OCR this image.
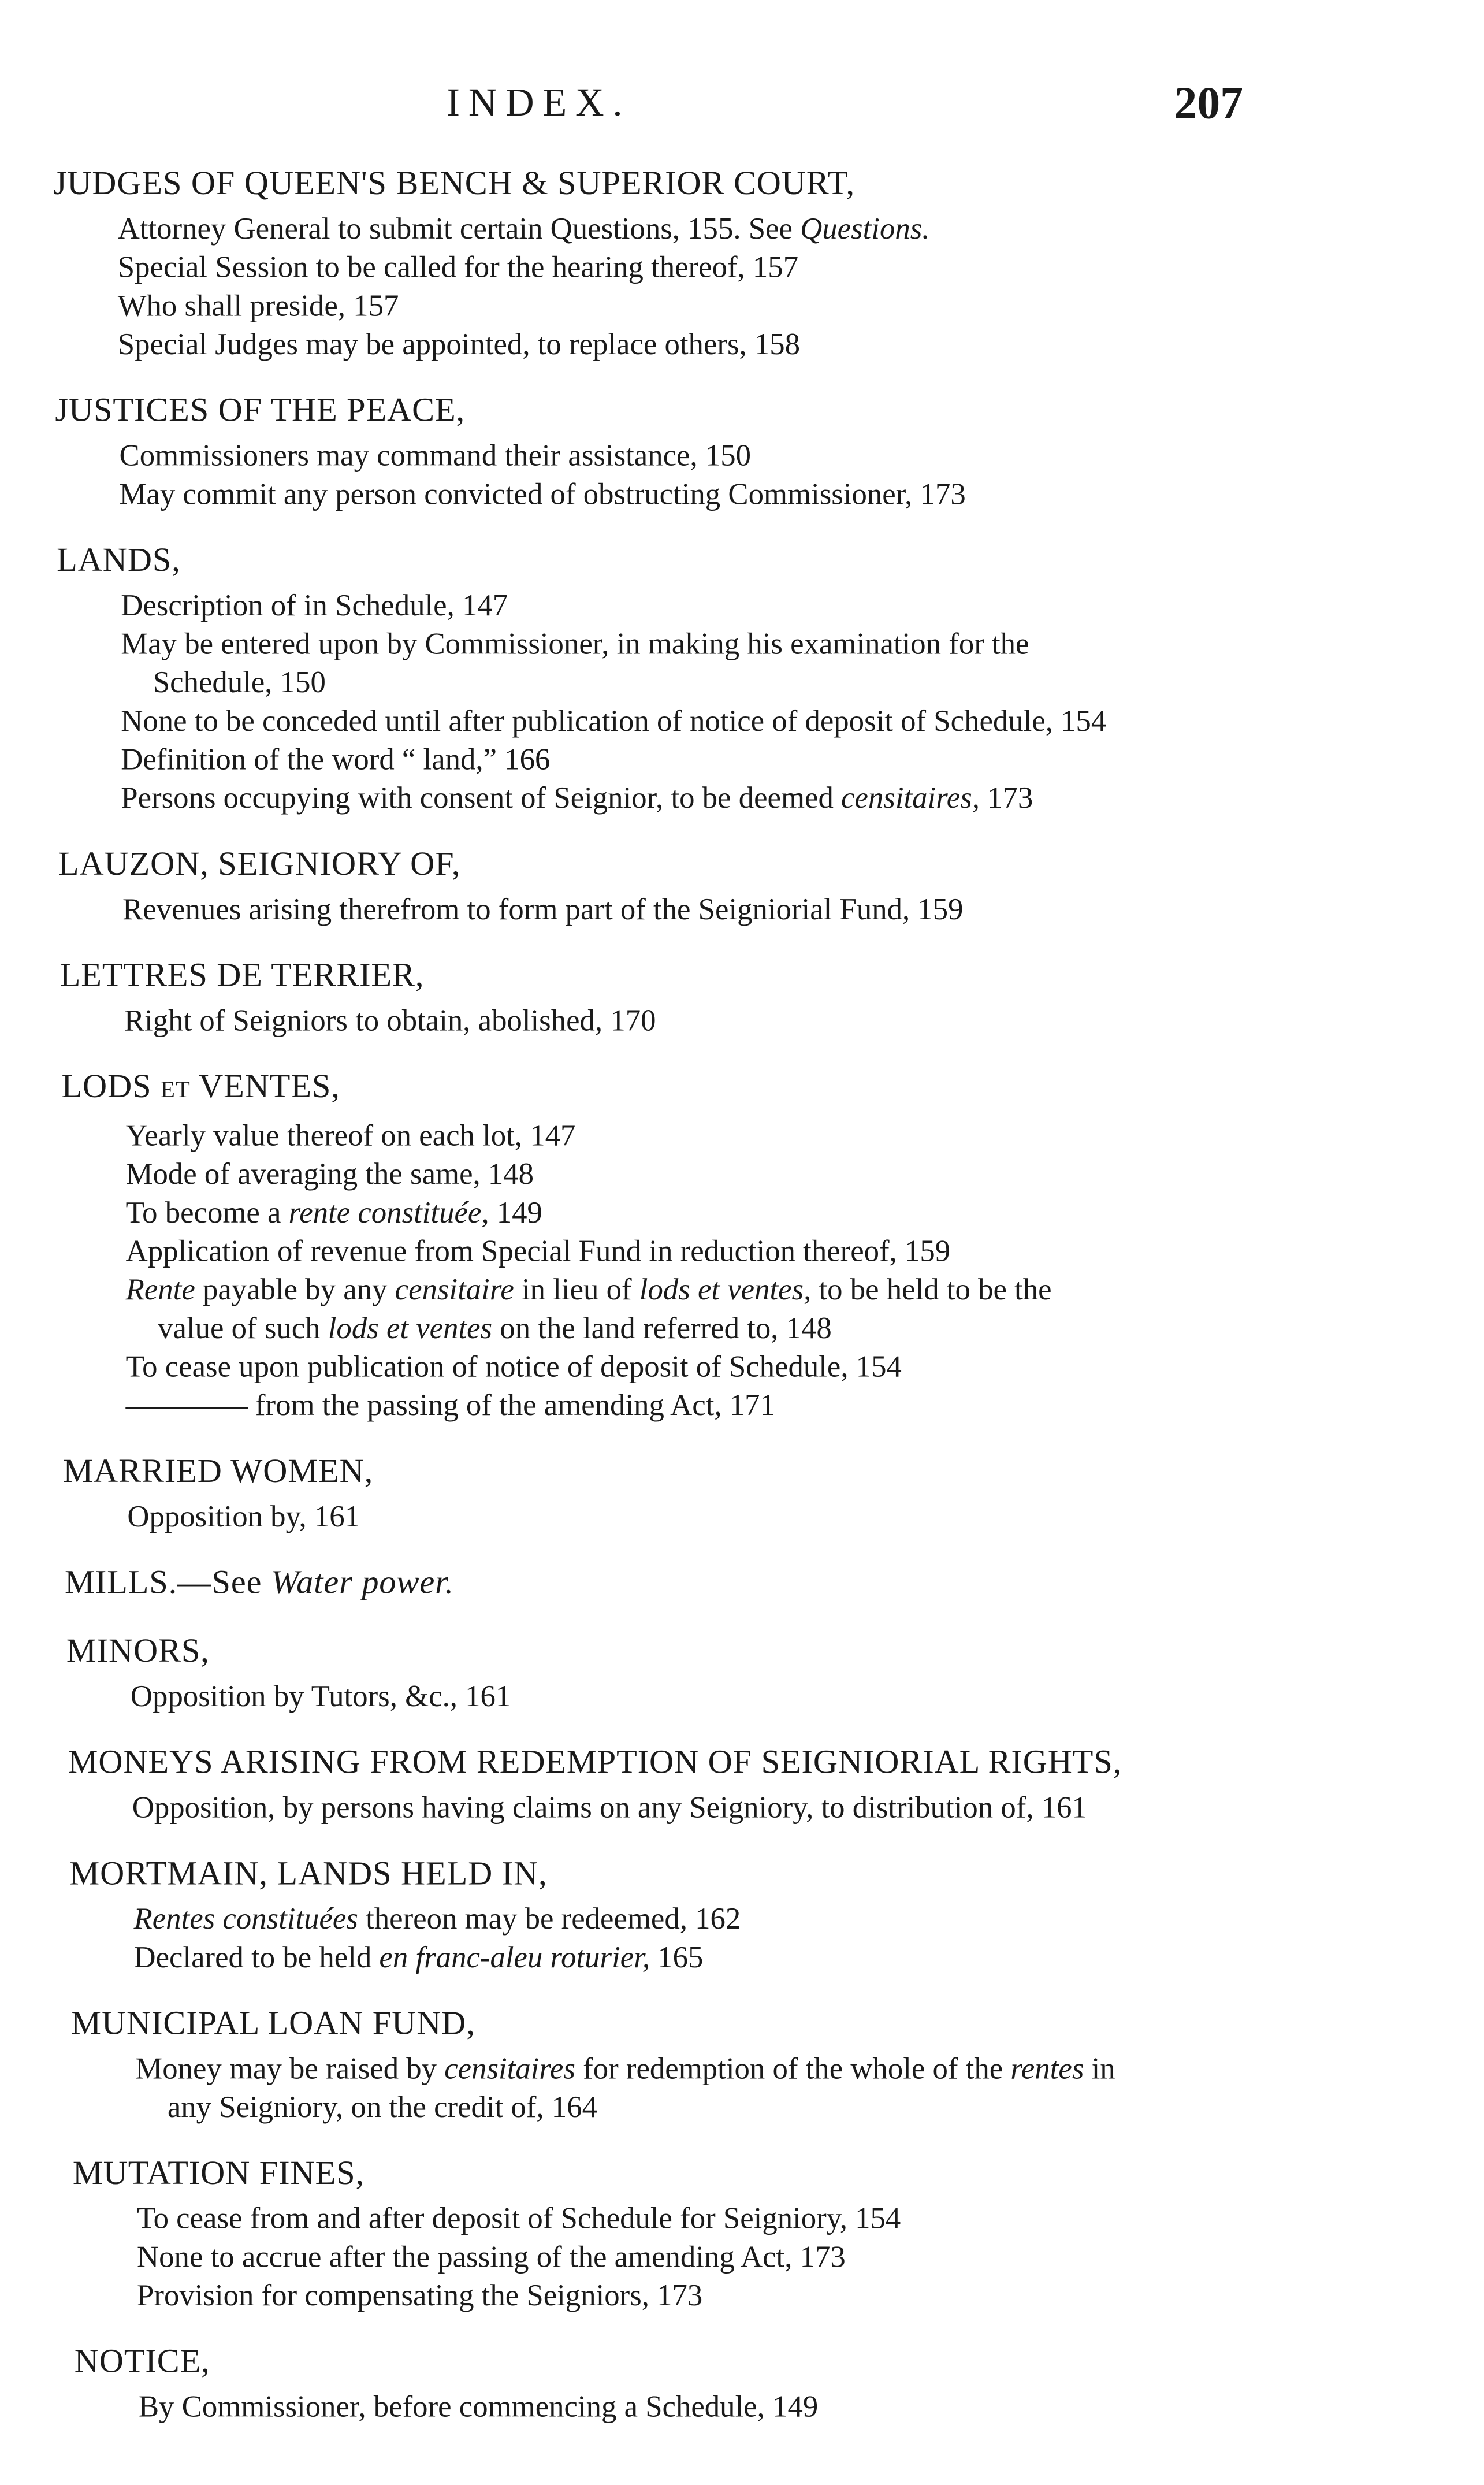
INDEX.	207
JUDGES OF QUEEN'S BENCH & SUPERIOR COURT,
Attorney General to submit certain Questions, 155. See Questions.
Special Session to be called for the hearing thereof, 157
Who shall preside, 157
Special Judges may be appointed, to replace others, 158
JUSTICES OF THE PEACE,
Commissioners may command their assistance, 150
May commit any person convicted of obstructing Commissioner, 173
LANDS,
Description of in Schedule, 147
May be entered upon by Commissioner, in making his examination for the Schedule, 150
None to be conceded until after publication of notice of deposit of Schedule, 154
Definition of the word “ land,” 166
Persons occupying with consent of Seignior, to be deemed censitaires, 173
LAUZON, SEIGNIORY OF,
Revenues arising therefrom to form part of the Seigniorial Fund, 159
LETTRES DE TERRIER,
Right of Seigniors to obtain, abolished, 170
LODS ET VENTES,
Yearly value thereof on each lot, 147
Mode of averaging the same, 148
To become a rente constituée, 149
Application of revenue from Special Fund in reduction thereof, 159
Rente payable by any censitaire in lieu of lods et ventes, to be held to be the value of such lods et ventes on the land referred to, 148
To cease upon publication of notice of deposit of Schedule, 154
———— from the passing of the amending Act, 171
MARRIED WOMEN,
Opposition by, 161
MILLS.—See Water power.
MINORS,
Opposition by Tutors, &c., 161
MONEYS ARISING FROM REDEMPTION OF SEIGNIORIAL RIGHTS,
Opposition, by persons having claims on any Seigniory, to distribution of, 161
MORTMAIN, LANDS HELD IN,
Rentes constituées thereon may be redeemed, 162
Declared to be held en franc-aleu roturier, 165
MUNICIPAL LOAN FUND,
Money may be raised by censitaires for redemption of the whole of the rentes in any Seigniory, on the credit of, 164
MUTATION FINES,
To cease from and after deposit of Schedule for Seigniory, 154
None to accrue after the passing of the amending Act, 173
Provision for compensating the Seigniors, 173
NOTICE,
By Commissioner, before commencing a Schedule, 149
